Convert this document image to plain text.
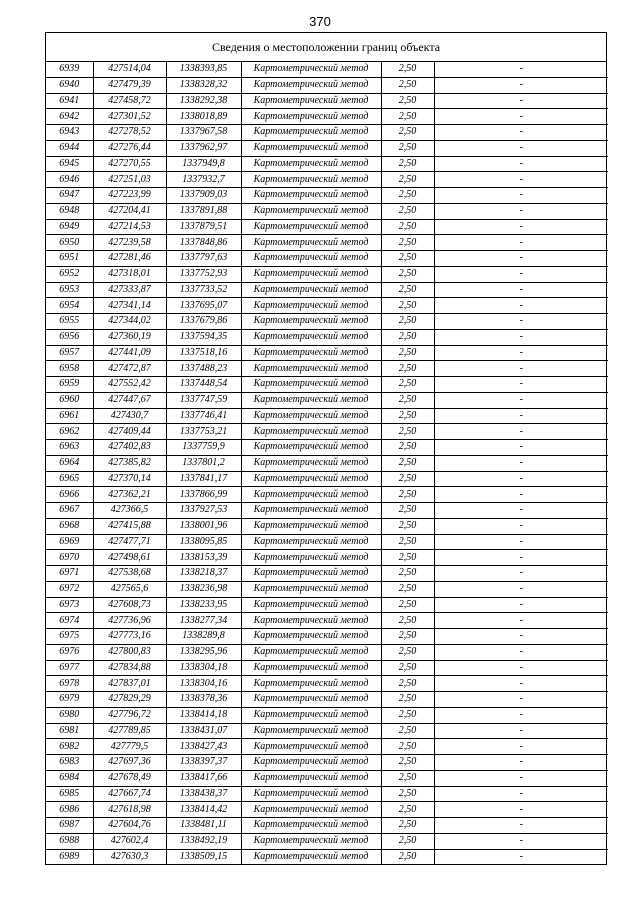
370
Сведения о местоположении границ объекта
6939	427514,04	1338393,85	Картометрический метод	2,50	-
6940	427479,39	1338328,32	Картометрический метод	2,50	-
6941	427458,72	1338292,38	Картометрический метод	2,50	-
6942	427301,52	1338018,89	Картометрический метод	2,50	-
6943	427278,52	1337967,58	Картометрический метод	2,50	-
6944	427276,44	1337962,97	Картометрический метод	2,50	-
6945	427270,55	1337949,8	Картометрический метод	2,50	-
6946	427251,03	1337932,7	Картометрический метод	2,50	-
6947	427223,99	1337909,03	Картометрический метод	2,50	-
6948	427204,41	1337891,88	Картометрический метод	2,50	-
6949	427214,53	1337879,51	Картометрический метод	2,50	-
6950	427239,58	1337848,86	Картометрический метод	2,50	-
6951	427281,46	1337797,63	Картометрический метод	2,50	-
6952	427318,01	1337752,93	Картометрический метод	2,50	-
6953	427333,87	1337733,52	Картометрический метод	2,50	-
6954	427341,14	1337695,07	Картометрический метод	2,50	-
6955	427344,02	1337679,86	Картометрический метод	2,50	-
6956	427360,19	1337594,35	Картометрический метод	2,50	-
6957	427441,09	1337518,16	Картометрический метод	2,50	-
6958	427472,87	1337488,23	Картометрический метод	2,50	-
6959	427552,42	1337448,54	Картометрический метод	2,50	-
6960	427447,67	1337747,59	Картометрический метод	2,50	-
6961	427430,7	1337746,41	Картометрический метод	2,50	-
6962	427409,44	1337753,21	Картометрический метод	2,50	-
6963	427402,83	1337759,9	Картометрический метод	2,50	-
6964	427385,82	1337801,2	Картометрический метод	2,50	-
6965	427370,14	1337841,17	Картометрический метод	2,50	-
6966	427362,21	1337866,99	Картометрический метод	2,50	-
6967	427366,5	1337927,53	Картометрический метод	2,50	-
6968	427415,88	1338001,96	Картометрический метод	2,50	-
6969	427477,71	1338095,85	Картометрический метод	2,50	-
6970	427498,61	1338153,39	Картометрический метод	2,50	-
6971	427538,68	1338218,37	Картометрический метод	2,50	-
6972	427565,6	1338236,98	Картометрический метод	2,50	-
6973	427608,73	1338233,95	Картометрический метод	2,50	-
6974	427736,96	1338277,34	Картометрический метод	2,50	-
6975	427773,16	1338289,8	Картометрический метод	2,50	-
6976	427800,83	1338295,96	Картометрический метод	2,50	-
6977	427834,88	1338304,18	Картометрический метод	2,50	-
6978	427837,01	1338304,16	Картометрический метод	2,50	-
6979	427829,29	1338378,36	Картометрический метод	2,50	-
6980	427796,72	1338414,18	Картометрический метод	2,50	-
6981	427789,85	1338431,07	Картометрический метод	2,50	-
6982	427779,5	1338427,43	Картометрический метод	2,50	-
6983	427697,36	1338397,37	Картометрический метод	2,50	-
6984	427678,49	1338417,66	Картометрический метод	2,50	-
6985	427667,74	1338438,37	Картометрический метод	2,50	-
6986	427618,98	1338414,42	Картометрический метод	2,50	-
6987	427604,76	1338481,11	Картометрический метод	2,50	-
6988	427602,4	1338492,19	Картометрический метод	2,50	-
6989	427630,3	1338509,15	Картометрический метод	2,50	-
